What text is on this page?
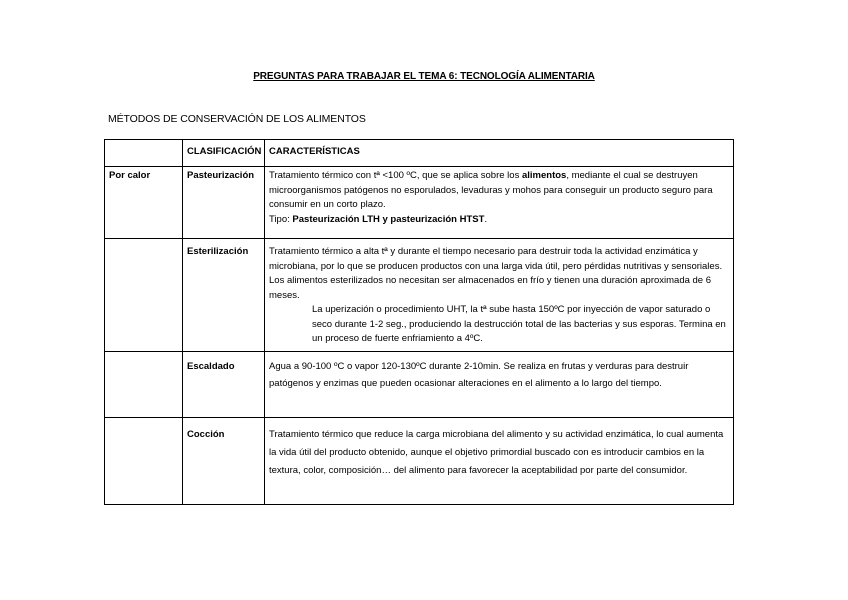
PREGUNTAS PARA TRABAJAR EL TEMA 6: TECNOLOGÍA ALIMENTARIA
MÉTODOS DE CONSERVACIÓN DE LOS ALIMENTOS
	CLASIFICACIÓN	CARACTERÍSTICAS
Por calor	Pasteurización	Tratamiento térmico con tª <100 ºC, que se aplica sobre los alimentos, mediante el cual se destruyen microorganismos patógenos no esporulados, levaduras y mohos para conseguir un producto seguro para consumir en un corto plazo.
Tipo: Pasteurización LTH y pasteurización HTST.
	Esterilización	Tratamiento térmico a alta tª y durante el tiempo necesario para destruir toda la actividad enzimática y microbiana, por lo que se producen productos con una larga vida útil, pero pérdidas nutritivas y sensoriales. Los alimentos esterilizados no necesitan ser almacenados en frío y tienen una duración aproximada de 6 meses.
La uperización o procedimiento UHT, la tª sube hasta 150ºC por inyección de vapor saturado o seco durante 1-2 seg., produciendo la destrucción total de las bacterias y sus esporas. Termina en un proceso de fuerte enfriamiento a 4ºC.

	Escaldado	Agua a 90-100 ºC o vapor 120-130ºC durante 2-10min. Se realiza en frutas y verduras para destruir patógenos y enzimas que pueden ocasionar alteraciones en el alimento a lo largo del tiempo.
	Cocción	Tratamiento térmico que reduce la carga microbiana del alimento y su actividad enzimática, lo cual aumenta la vida útil del producto obtenido, aunque el objetivo primordial buscado con es introducir cambios en la textura, color, composición… del alimento para favorecer la aceptabilidad por parte del consumidor.
